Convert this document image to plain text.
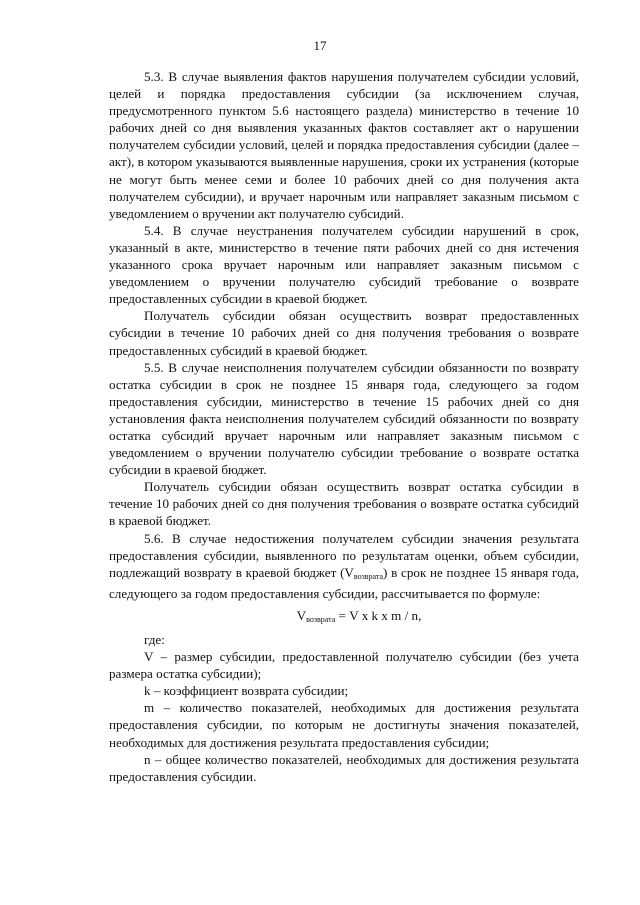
17

5.3. В случае выявления фактов нарушения получателем субсидии условий, целей и порядка предоставления субсидии (за исключением случая, предусмотренного пунктом 5.6 настоящего раздела) министерство в течение 10 рабочих дней со дня выявления указанных фактов составляет акт о нарушении получателем субсидии условий, целей и порядка предоставления субсидии (далее – акт), в котором указываются выявленные нарушения, сроки их устранения (которые не могут быть менее семи и более 10 рабочих дней со дня получения акта получателем субсидии), и вручает нарочным или направляет заказным письмом с уведомлением о вручении акт получателю субсидий.

5.4. В случае неустранения получателем субсидии нарушений в срок, указанный в акте, министерство в течение пяти рабочих дней со дня истечения указанного срока вручает нарочным или направляет заказным письмом с уведомлением о вручении получателю субсидий требование о возврате предоставленных субсидии в краевой бюджет.

Получатель субсидии обязан осуществить возврат предоставленных субсидии в течение 10 рабочих дней со дня получения требования о возврате предоставленных субсидий в краевой бюджет.

5.5. В случае неисполнения получателем субсидии обязанности по возврату остатка субсидии в срок не позднее 15 января года, следующего за годом предоставления субсидии, министерство в течение 15 рабочих дней со дня установления факта неисполнения получателем субсидий обязанности по возврату остатка субсидий вручает нарочным или направляет заказным письмом с уведомлением о вручении получателю субсидии требование о возврате остатка субсидии в краевой бюджет.

Получатель субсидии обязан осуществить возврат остатка субсидии в течение 10 рабочих дней со дня получения требования о возврате остатка субсидий в краевой бюджет.

5.6. В случае недостижения получателем субсидии значения результата предоставления субсидии, выявленного по результатам оценки, объем субсидии, подлежащий возврату в краевой бюджет $(V_{возврата})$ в срок не позднее 15 января года, следующего за годом предоставления субсидии, рассчитывается по формуле:

$V_{возврата} = V$ x k x m / n,

где:

V – размер субсидии, предоставленной получателю субсидии (без учета размера остатка субсидии);

k – коэффициент возврата субсидии;

m – количество показателей, необходимых для достижения результата предоставления субсидии, по которым не достигнуты значения показателей, необходимых для достижения результата предоставления субсидии;

n – общее количество показателей, необходимых для достижения результата предоставления субсидии.
